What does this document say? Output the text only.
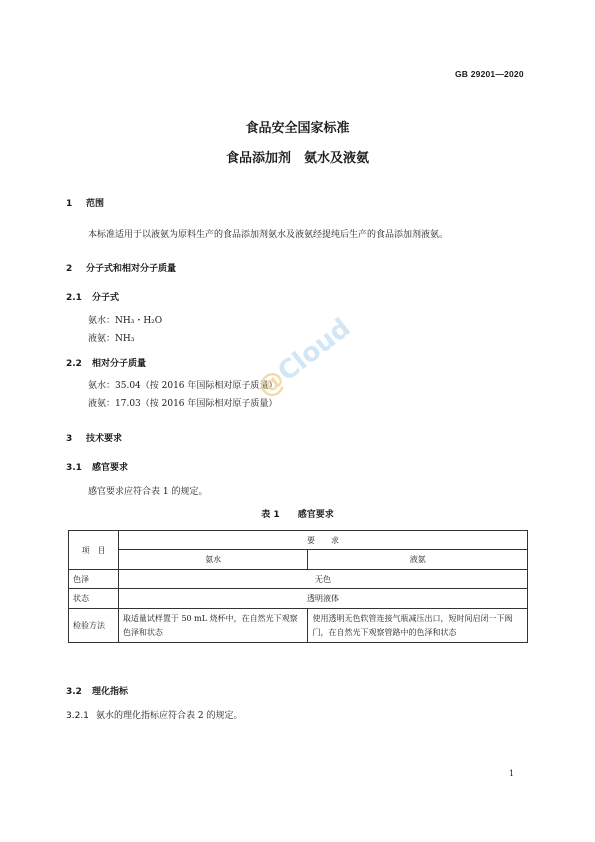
GB 29201—2020
食品安全国家标准
食品添加剂　氨水及液氨
1 范围
本标准适用于以液氨为原料生产的食品添加剂氨水及液氨经提纯后生产的食品添加剂液氨。
2 分子式和相对分子质量
2.1 分子式
氨水：NH₃・H₂O
液氨：NH₃
2.2 相对分子质量
氨水：35.04（按 2016 年国际相对原子质量）
液氨：17.03（按 2016 年国际相对原子质量）
3 技术要求
3.1 感官要求
感官要求应符合表 1 的规定。
表 1　　感官要求
项　目	要　　求	
	氨水	液氨
色泽	无色	
状态	透明液体	
检验方法	取适量试样置于 50 mL 烧杯中，在自然光下观察色泽和状态	使用透明无色软管连接气瓶减压出口，短时间启闭一下阀门，在自然光下观察管路中的色泽和状态
3.2 理化指标
3.2.1 氨水的理化指标应符合表 2 的规定。
@Cloud
1
